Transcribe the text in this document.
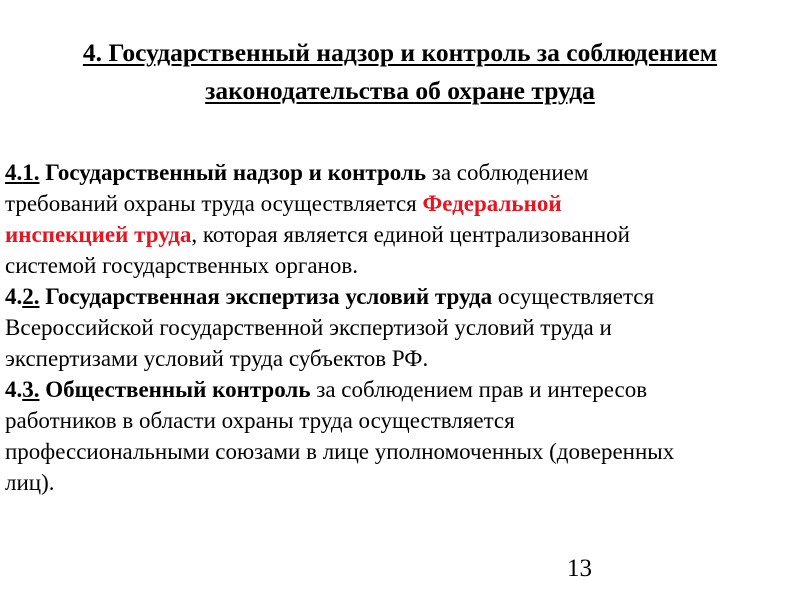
4. Государственный надзор и контроль за соблюдением
законодательства об охране труда
4.1. Государственный надзор и контроль за соблюдением
требований охраны труда осуществляется Федеральной
инспекцией труда, которая является единой централизованной
системой государственных органов.
4.2. Государственная экспертиза условий труда осуществляется
Всероссийской государственной экспертизой условий труда и
экспертизами условий труда субъектов РФ.
4.3. Общественный контроль за соблюдением прав и интересов
работников в области охраны труда осуществляется
профессиональными союзами в лице уполномоченных (доверенных
лиц).
13
